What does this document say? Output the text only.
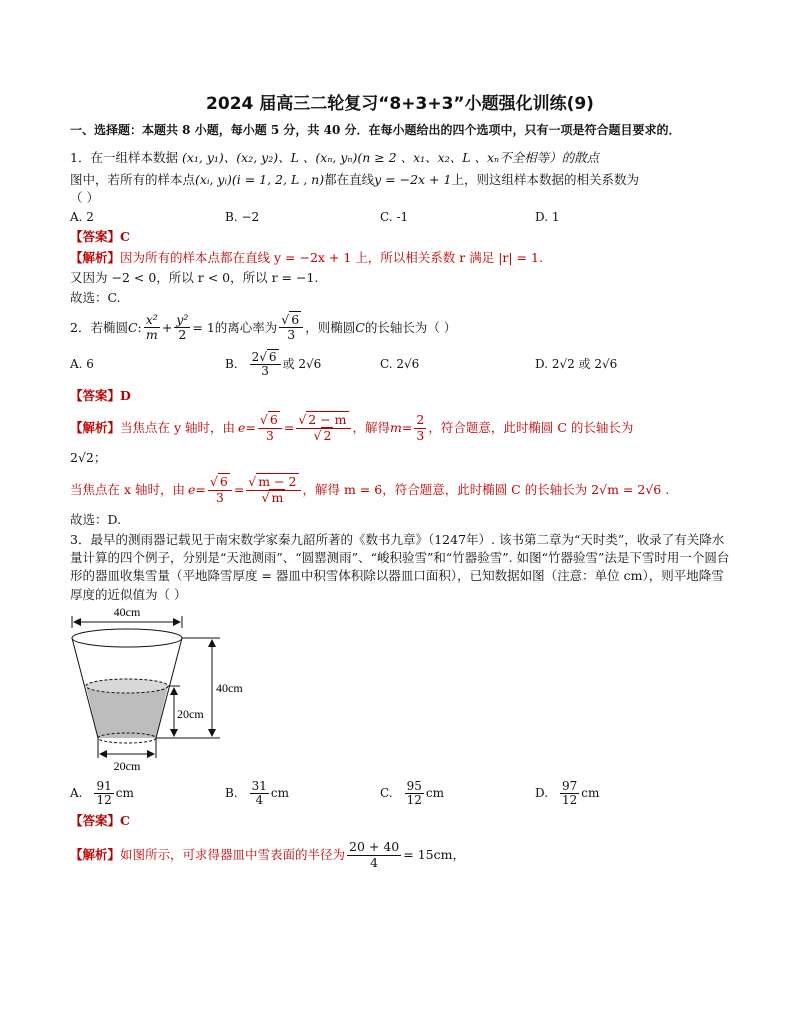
2024 届高三二轮复习“8+3+3”小题强化训练(9)
一、选择题：本题共 8 小题，每小题 5 分，共 40 分．在每小题给出的四个选项中，只有一项是符合题目要求的．

1．在一组样本数据 (x₁, y₁)、(x₂, y₂)、L 、(xₙ, yₙ)(n ≥ 2 、x₁、x₂、L 、xₙ不全相等）的散点

图中，若所有的样本点(xᵢ, yᵢ)(i = 1, 2, L , n)都在直线y = −2x + 1上，则这组样本数据的相关系数为

（ ）

A. 2	B. −2	C. -1	D. 1
【答案】C
【解析】因为所有的样本点都在直线 y = −2x + 1 上，所以相关系数 r 满足 |r| = 1.
又因为 −2 < 0，所以 r < 0，所以 r = −1.
故选：C.

2．若椭圆 C : $\frac{\text{x²}}{m} + \frac{\text{y²}}{2} = 1$ 的离心率为 $\frac{√ 6}{3}$ ，则椭圆 C 的长轴长为（ ）

A. 6	B. $\frac{2√ 6}{3}$ 或 2√6	C. 2√6	D. 2√2 或 2√6
【答案】D
【解析】 当焦点在 y 轴时，由 $e = \frac{√ 6}{3} = \frac{√ 2 - m}{√ 2}$ ，解得 $m = \frac{2}{3}$ ，符合题意，此时椭圆 C 的长轴长为
2√2；
当焦点在 x 轴时，由 $e = \frac{√ 6}{3} = \frac{√ m - 2}{√ m}$ ，解得 m = 6，符合题意，此时椭圆 C 的长轴长为 2√m = 2√6 .
故选：D.

3．最早的测雨器记载见于南宋数学家秦九韶所著的《数书九章》（1247年）. 该书第二章为“天时类”，收录了有关降水量计算的四个例子，分别是“天池测雨”、“圆罂测雨”、“峻积验雪”和“竹器验雪”. 如图“竹器验雪”法是下雪时用一个圆台形的器皿收集雪量（平地降雪厚度 = 器皿中积雪体积除以器皿口面积），已知数据如图（注意：单位 cm），则平地降雪厚度的近似值为（ ）

40cm
20cm
40cm
20cm
A. $\frac{91}{12}$ cm	B. $\frac{31}{4}$ cm	C. $\frac{95}{12}$ cm	D. $\frac{97}{12}$ cm
【答案】C
【解析】 如图所示，可求得器皿中雪表面的半径为 $\frac{20 + 40}{4} = 15cm$，
